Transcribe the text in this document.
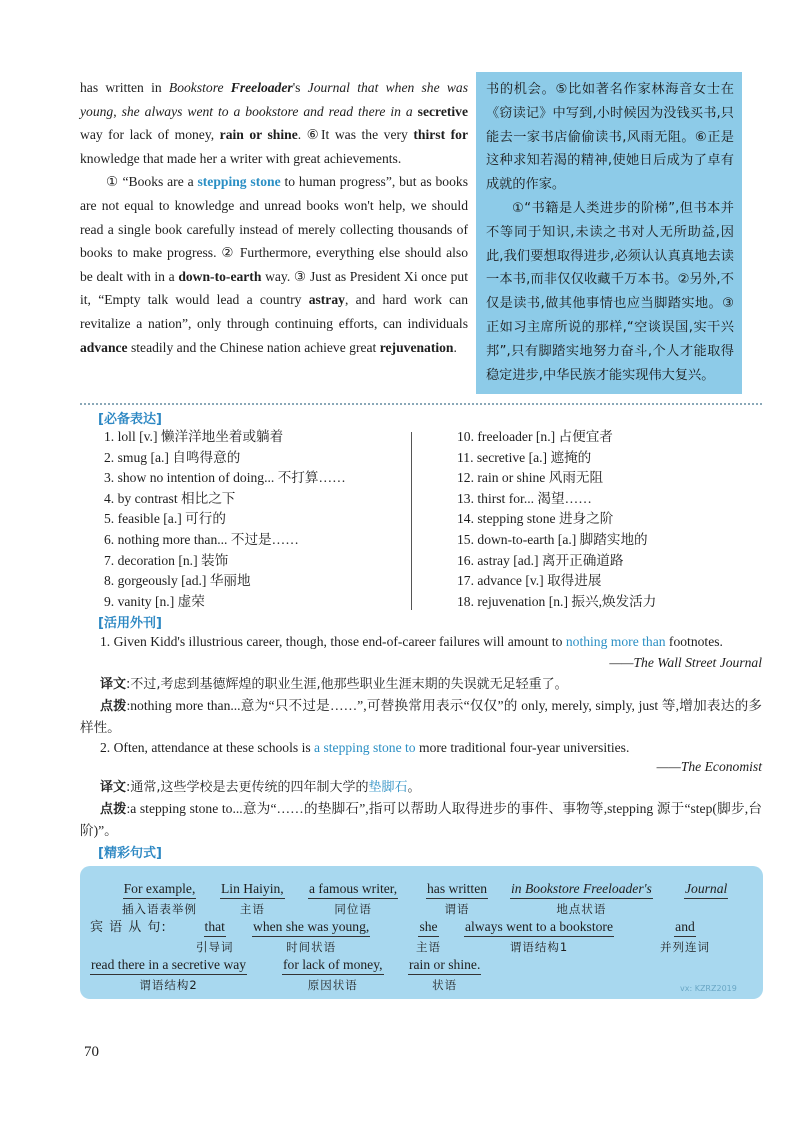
has written in Bookstore Freeloader's Journal that when she was young, she always went to a bookstore and read there in a secretive way for lack of money, rain or shine. ⑥It was the very thirst for knowledge that made her a writer with great achievements.

① “Books are a stepping stone to human progress”, but as books are not equal to knowledge and unread books won't help, we should read a single book carefully instead of merely collecting thousands of books to make progress. ② Furthermore, everything else should also be dealt with in a down-to-earth way. ③ Just as President Xi once put it, “Empty talk would lead a country astray, and hard work can revitalize a nation”, only through continuing efforts, can individuals advance steadily and the Chinese nation achieve great rejuvenation.

书的机会。⑤比如著名作家林海音女士在《窃读记》中写到,小时候因为没钱买书,只能去一家书店偷偷读书,风雨无阻。⑥正是这种求知若渴的精神,使她日后成为了卓有成就的作家。

①“书籍是人类进步的阶梯”,但书本并不等同于知识,未读之书对人无所助益,因此,我们要想取得进步,必须认认真真地去读一本书,而非仅仅收藏千万本书。②另外,不仅是读书,做其他事情也应当脚踏实地。③正如习主席所说的那样,“空谈误国,实干兴邦”,只有脚踏实地努力奋斗,个人才能取得稳定进步,中华民族才能实现伟大复兴。

[必备表达]
1. loll [v.] 懒洋洋地坐着或躺着
2. smug [a.] 自鸣得意的
3. show no intention of doing... 不打算……
4. by contrast 相比之下
5. feasible [a.] 可行的
6. nothing more than... 不过是……
7. decoration [n.] 装饰
8. gorgeously [ad.] 华丽地
9. vanity [n.] 虚荣
10. freeloader [n.] 占便宜者
11. secretive [a.] 遮掩的
12. rain or shine 风雨无阻
13. thirst for... 渴望……
14. stepping stone 进身之阶
15. down-to-earth [a.] 脚踏实地的
16. astray [ad.] 离开正确道路
17. advance [v.] 取得进展
18. rejuvenation [n.] 振兴,焕发活力
[活用外刊]
1. Given Kidd's illustrious career, though, those end-of-career failures will amount to nothing more than footnotes.
——The Wall Street Journal
译文:不过,考虑到基德辉煌的职业生涯,他那些职业生涯末期的失误就无足轻重了。
点拨:nothing more than...意为“只不过是……”,可替换常用表示“仅仅”的 only, merely, simply, just 等,增加表达的多样性。
2. Often, attendance at these schools is a stepping stone to more traditional four-year universities.
——The Economist
译文:通常,这些学校是去更传统的四年制大学的垫脚石。
点拨:a stepping stone to...意为“……的垫脚石”,指可以帮助人取得进步的事件、事物等,stepping 源于“step(脚步,台阶)”。
[精彩句式]
For example,
插入语表举例
Lin Haiyin,
主语
a famous writer,
同位语
has written
谓语
in Bookstore Freeloader's
地点状语
Journal
宾 语 从 句:	that
引导词
when she was young,
时间状语
she
主语
always went to a bookstore
谓语结构1
and
并列连词
read there in a secretive way
谓语结构2
for lack of money,
原因状语
rain or shine.
状语	vx: KZRZ2019
70
